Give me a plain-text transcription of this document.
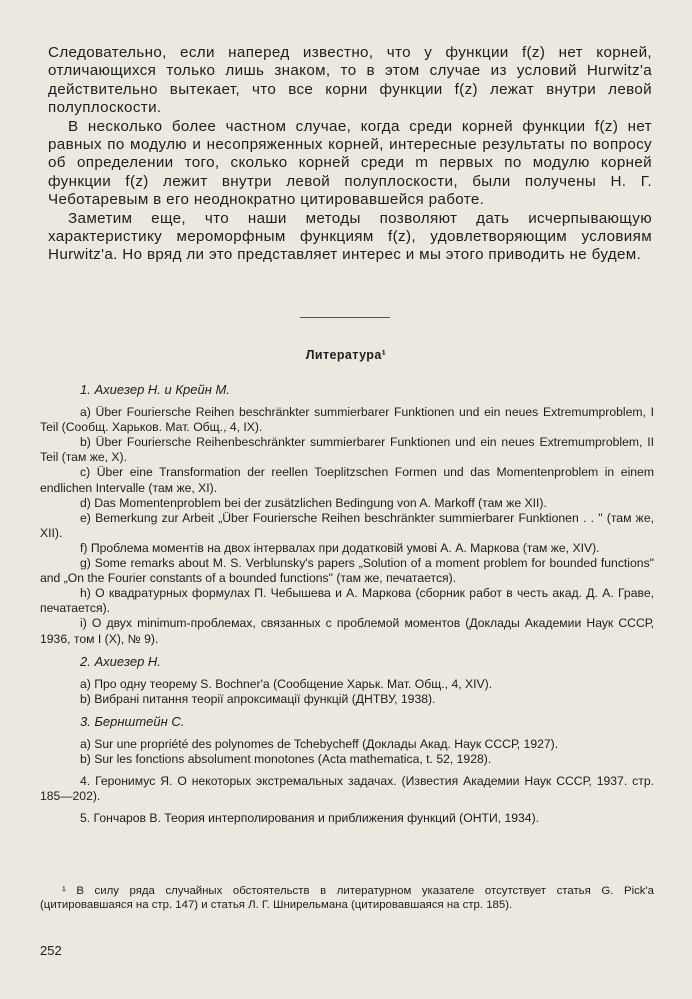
Следовательно, если наперед известно, что у функции f(z) нет корней, отличающихся только лишь знаком, то в этом случае из условий Hurwitz'а действительно вытекает, что все корни функции f(z) лежат внутри левой полуплоскости.

В несколько более частном случае, когда среди корней функции f(z) нет равных по модулю и несопряженных корней, интересные результаты по вопросу об определении того, сколько корней среди m первых по модулю корней функции f(z) лежит внутри левой полуплоскости, были получены Н. Г. Чеботаревым в его неоднократно цитировавшейся работе.

Заметим еще, что наши методы позволяют дать исчерпывающую характеристику мероморфным функциям f(z), удовлетворяющим условиям Hurwitz'а. Но вряд ли это представляет интерес и мы этого приводить не будем.

Литература¹

1. Ахиезер Н. и Крейн М.

a) Über Fouriersche Reihen beschränkter summierbarer Funktionen und ein neues Extremumproblem, I Teil (Сообщ. Харьков. Мат. Общ., 4, IX).

b) Über Fouriersche Reihenbeschränkter summierbarer Funktionen und ein neues Extremumproblem, II Teil (там же, X).

c) Über eine Transformation der reellen Toeplitzschen Formen und das Momentenproblem in einem endlichen Intervalle (там же, XI).

d) Das Momentenproblem bei der zusätzlichen Bedingung von A. Markoff (там же XII).

e) Bemerkung zur Arbeit „Über Fouriersche Reihen beschränkter summierbarer Funktionen . . " (там же, XII).

f) Проблема моментiв на двох iнтервалах при додатковiй умовi А. А. Маркова (там же, XIV).

g) Some remarks about M. S. Verblunsky's papers „Solution of a moment problem for bounded functions" and „On the Fourier constants of a bounded functions" (там же, печатается).

h) О квадратурных формулах П. Чебышева и А. Маркова (сборник работ в честь акад. Д. А. Граве, печатается).

i) О двух minimum-проблемах, связанных с проблемой моментов (Доклады Академии Наук СССР, 1936, том I (X), № 9).

2. Ахиезер Н.

a) Про одну теорему S. Bochner'a (Сообщение Харьк. Мат. Общ., 4, XIV).

b) Вибранi питання теорiї апроксимацiї функцiй (ДНТВУ, 1938).

3. Бернштейн С.

a) Sur une propriété des polynomes de Tchebycheff (Доклады Акад. Наук СССР, 1927).

b) Sur les fonctions absolument monotones (Acta mathematica, t. 52, 1928).

4. Геронимус Я. О некоторых экстремальных задачах. (Известия Академии Наук СССР, 1937. стр. 185—202).

5. Гончаров В. Теория интерполирования и приближения функций (ОНТИ, 1934).

¹ В силу ряда случайных обстоятельств в литературном указателе отсутствует статья G. Pick'a (цитировавшаяся на стр. 147) и статья Л. Г. Шнирельмана (цитировавшаяся на стр. 185).
252
